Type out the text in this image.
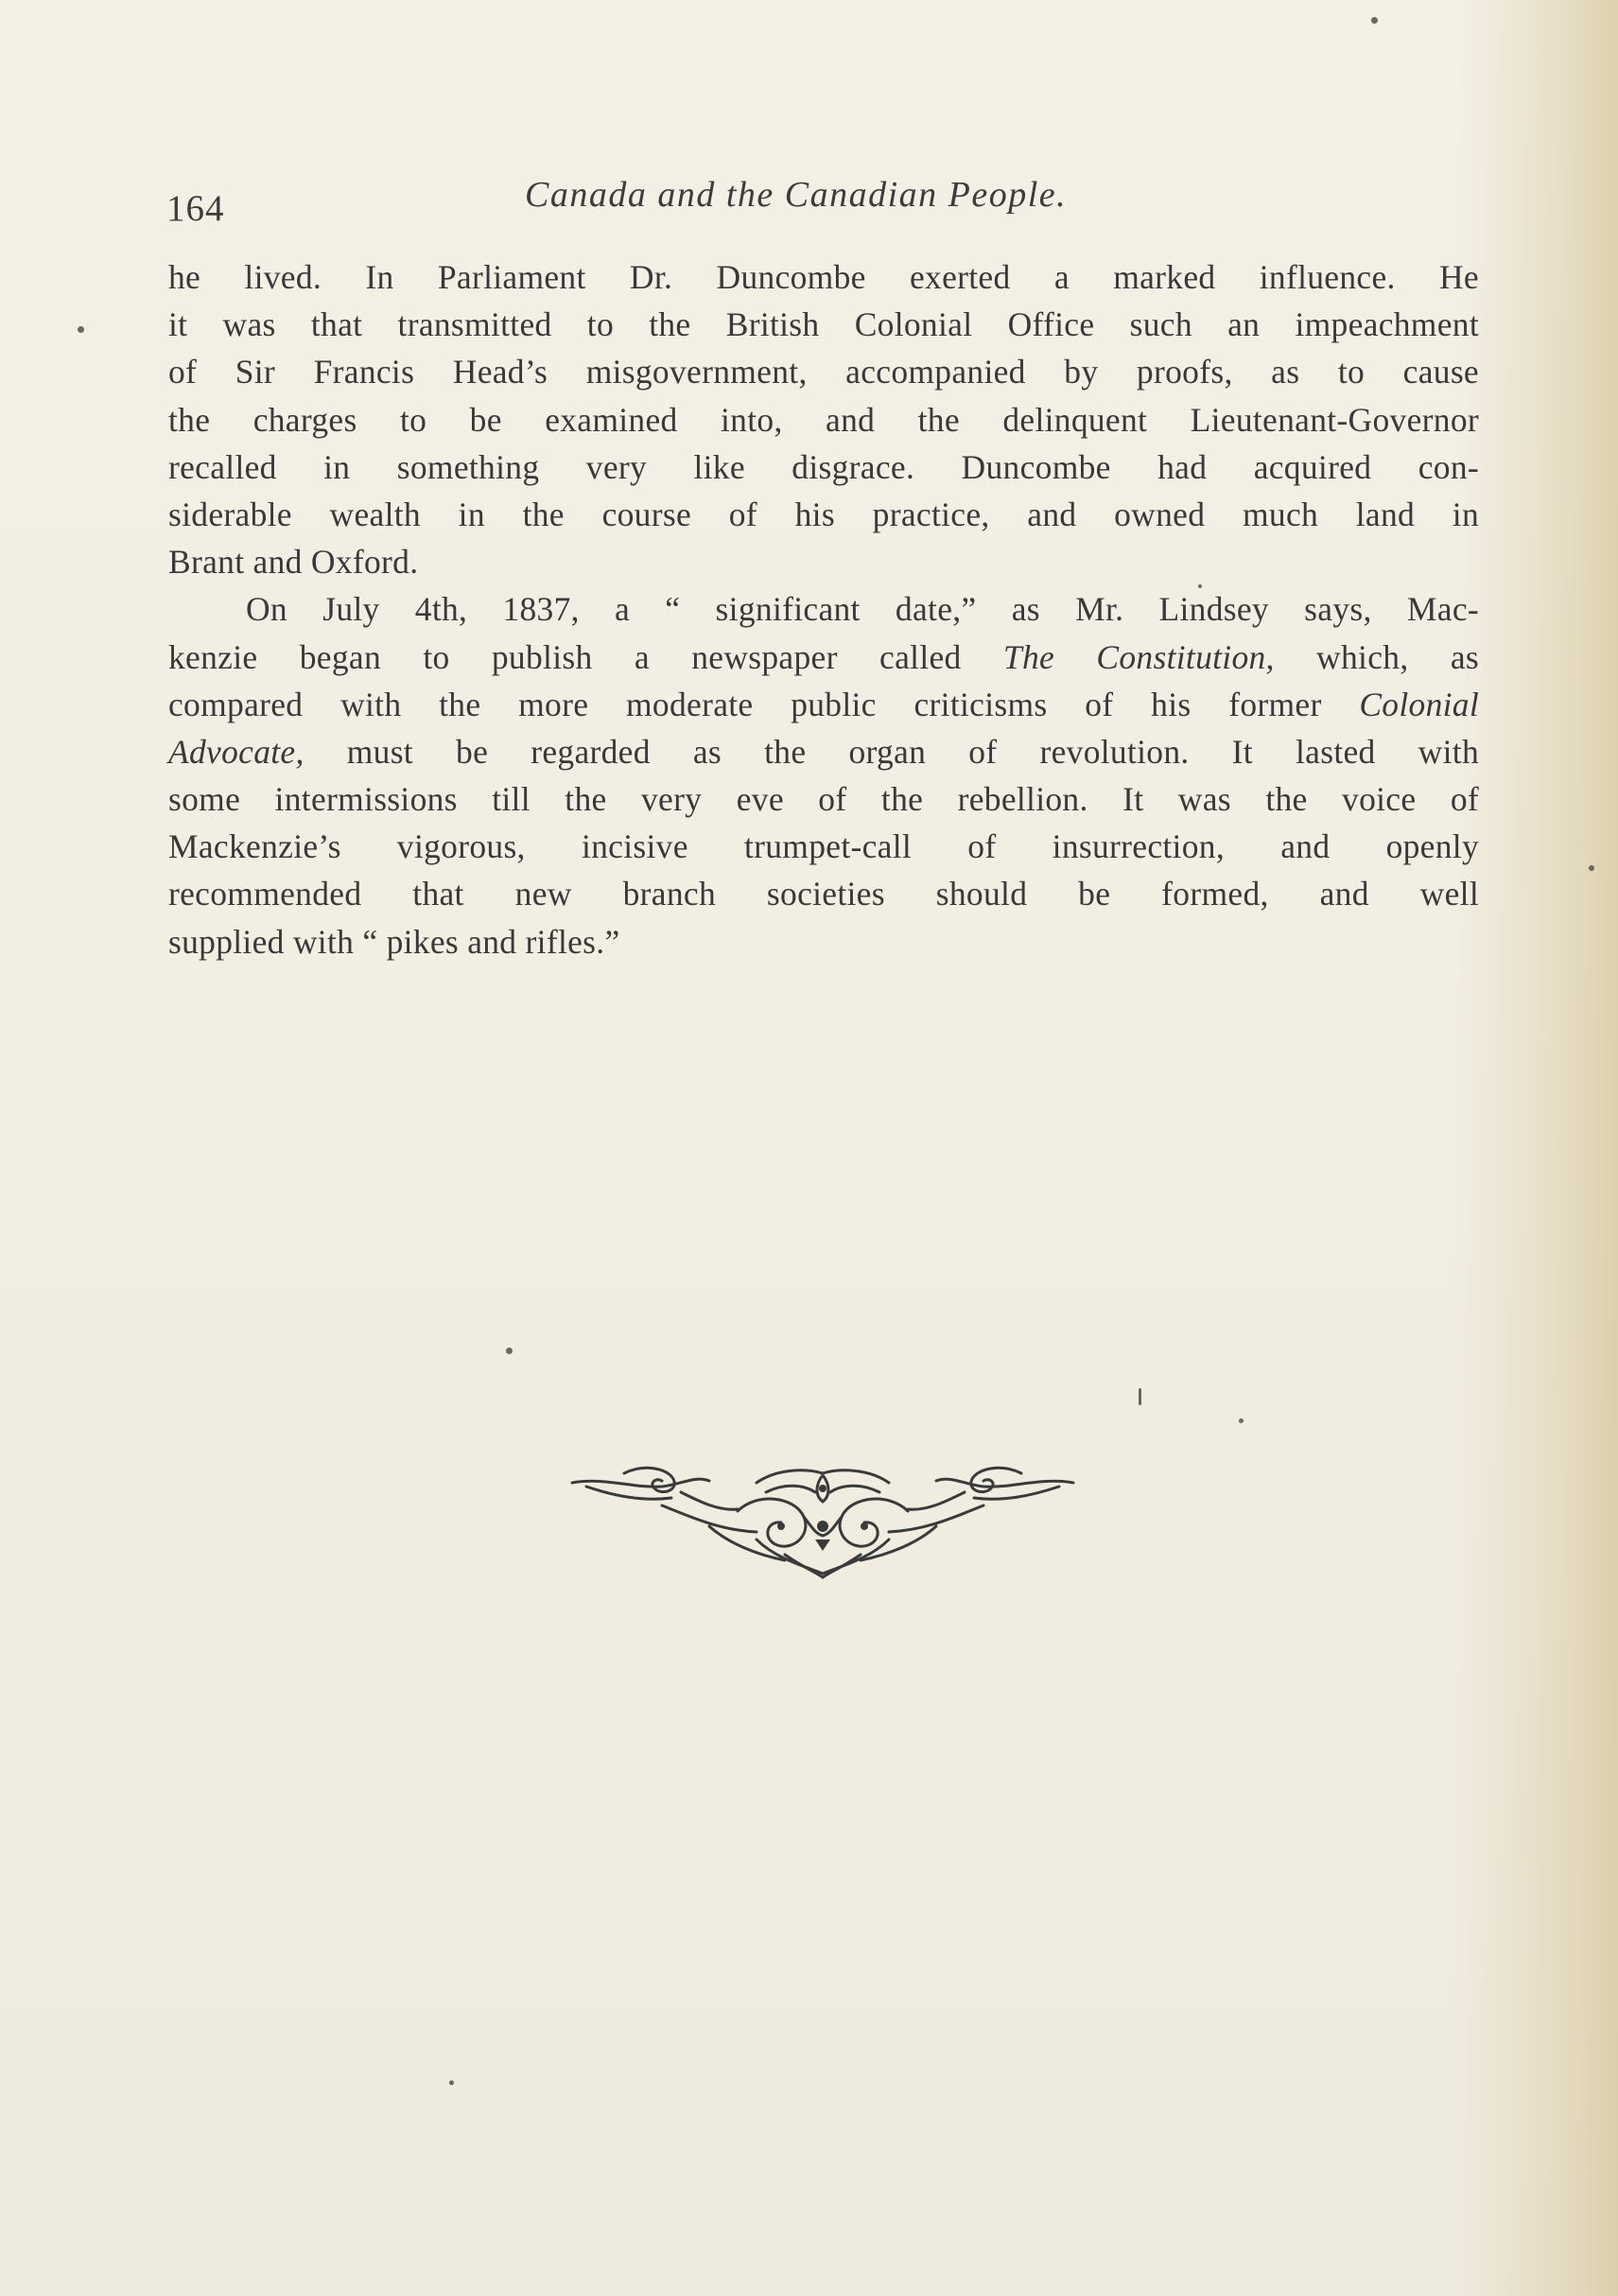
164	Canada and the Canadian People.

he lived. In Parliament Dr. Duncombe exerted a marked influence. He
it was that transmitted to the British Colonial Office such an impeachment
of Sir Francis Head’s misgovernment, accompanied by proofs, as to cause
the charges to be examined into, and the delinquent Lieutenant-Governor
recalled in something very like disgrace. Duncombe had acquired con-
siderable wealth in the course of his practice, and owned much land in
Brant and Oxford.

On July 4th, 1837, a “ significant date,” as Mr. Lindsey says, Mac-
kenzie began to publish a newspaper called The Constitution, which, as
compared with the more moderate public criticisms of his former Colonial
Advocate, must be regarded as the organ of revolution. It lasted with
some intermissions till the very eve of the rebellion. It was the voice of
Mackenzie’s vigorous, incisive trumpet-call of insurrection, and openly
recommended that new branch societies should be formed, and well
supplied with “ pikes and rifles.”
